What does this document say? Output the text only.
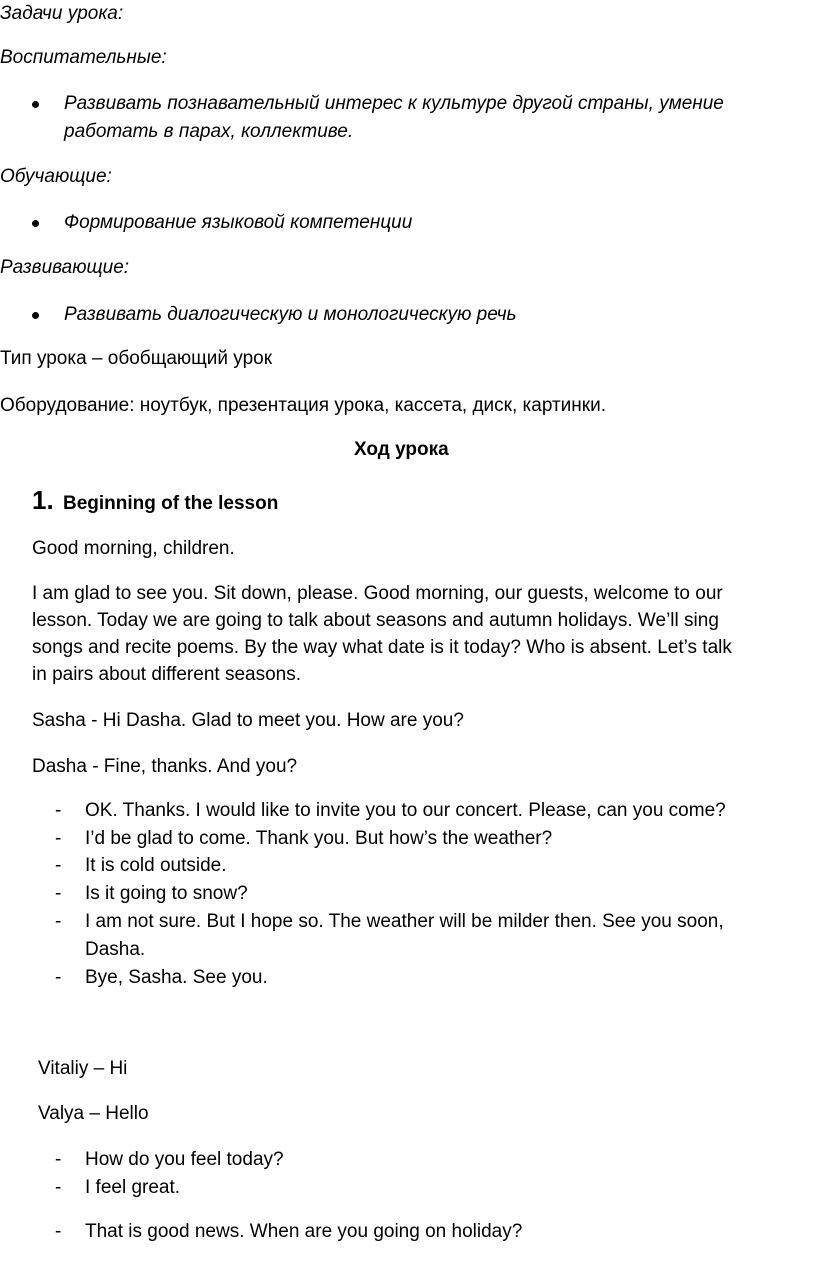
Задачи урока:
Воспитательные:
Развивать познавательный интерес к культуре другой страны, умение
работать в парах, коллективе.
Обучающие:
Формирование языковой компетенции
Развивающие:
Развивать диалогическую и монологическую речь
Тип урока – обобщающий урок
Оборудование: ноутбук, презентация урока, кассета, диск, картинки.
Ход урока
1. Beginning of the lesson
Good morning, children.
I am glad to see you. Sit down, please. Good morning, our guests, welcome to our
lesson. Today we are going to talk about seasons and autumn holidays. We’ll sing
songs and recite poems. By the way what date is it today? Who is absent. Let’s talk
in pairs about different seasons.
Sasha - Hi Dasha. Glad to meet you. How are you?
Dasha - Fine, thanks. And you?
- OK. Thanks. I would like to invite you to our concert. Please, can you come?
- I’d be glad to come. Thank you. But how’s the weather?
- It is cold outside.
- Is it going to snow?
- I am not sure. But I hope so. The weather will be milder then. See you soon,
Dasha.
- Bye, Sasha. See you.
Vitaliy – Hi
Valya – Hello
- How do you feel today?
- I feel great.
- That is good news. When are you going on holiday?
